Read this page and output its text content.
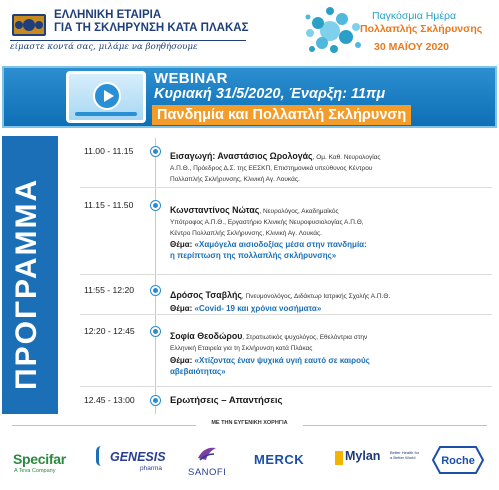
ΕΛΛΗΝΙΚΗ ΕΤΑΙΡΙΑ
ΓΙΑ ΤΗ ΣΚΛΗΡΥΝΣΗ ΚΑΤΑ ΠΛΑΚΑΣ
είμαστε κοντά σας, μιλάμε να βοηθήσουμε
Παγκόσμια Ημέρα
Πολλαπλής Σκλήρυνσης
30 ΜΑΪΟΥ 2020
WEBINAR
Κυριακή 31/5/2020, Έναρξη: 11πμ
Πανδημία και Πολλαπλή Σκλήρυνση
ΠΡΟΓΡΑΜΜΑ
11.00 - 11.15	Εισαγωγή: Αναστάσιος Ωρολογάς, Ομ. Καθ. Νευρολογίας
Α.Π.Θ., Πρόεδρος Δ.Σ. της ΕΕΣΚΠ, Επιστημονικά υπεύθυνος Κέντρου
Πολλαπλής Σκλήρυνσης, Κλινική Αγ. Λουκάς.
11.15 - 11.50	Κωνσταντίνος Νώτας, Νευρολόγος, Ακαδημαϊκός
Υπότροφος Α.Π.Θ., Εργαστήριο Κλινικής Νευροφυσιολογίας Α.Π.Θ,
Κέντρο Πολλαπλής Σκλήρυνσης, Κλινική Αγ. Λουκάς.
Θέμα: «Χαμόγελα αισιοδοξίας μέσα στην πανδημία:
η περίπτωση της πολλαπλής σκλήρυνσης»
11:55 - 12:20	Δρόσος Τσαβλής, Πνευμονολόγος, Διδάκτωρ Ιατρικής Σχολής Α.Π.Θ.
Θέμα: «Covid- 19 και χρόνια νοσήματα»
12:20 - 12:45	Σοφία Θεοδώρου, Στρατιωτικός ψυχολόγος, Εθελόντρια στην
Ελληνική Εταιρεία για τη Σκλήρυνση κατά Πλάκας
Θέμα: «Χτίζοντας έναν ψυχικά υγιή εαυτό σε καιρούς
αβεβαιότητας»
12.45 - 13:00	Ερωτήσεις – Απαντήσεις
ΜΕ ΤΗΝ ΕΥΓΕΝΙΚΗ ΧΟΡΗΓΙΑ
Specifar
A Teva Company
GENESIS
pharma	SANOFI
MERCK	Mylan Better Health for a Better World	Roche
